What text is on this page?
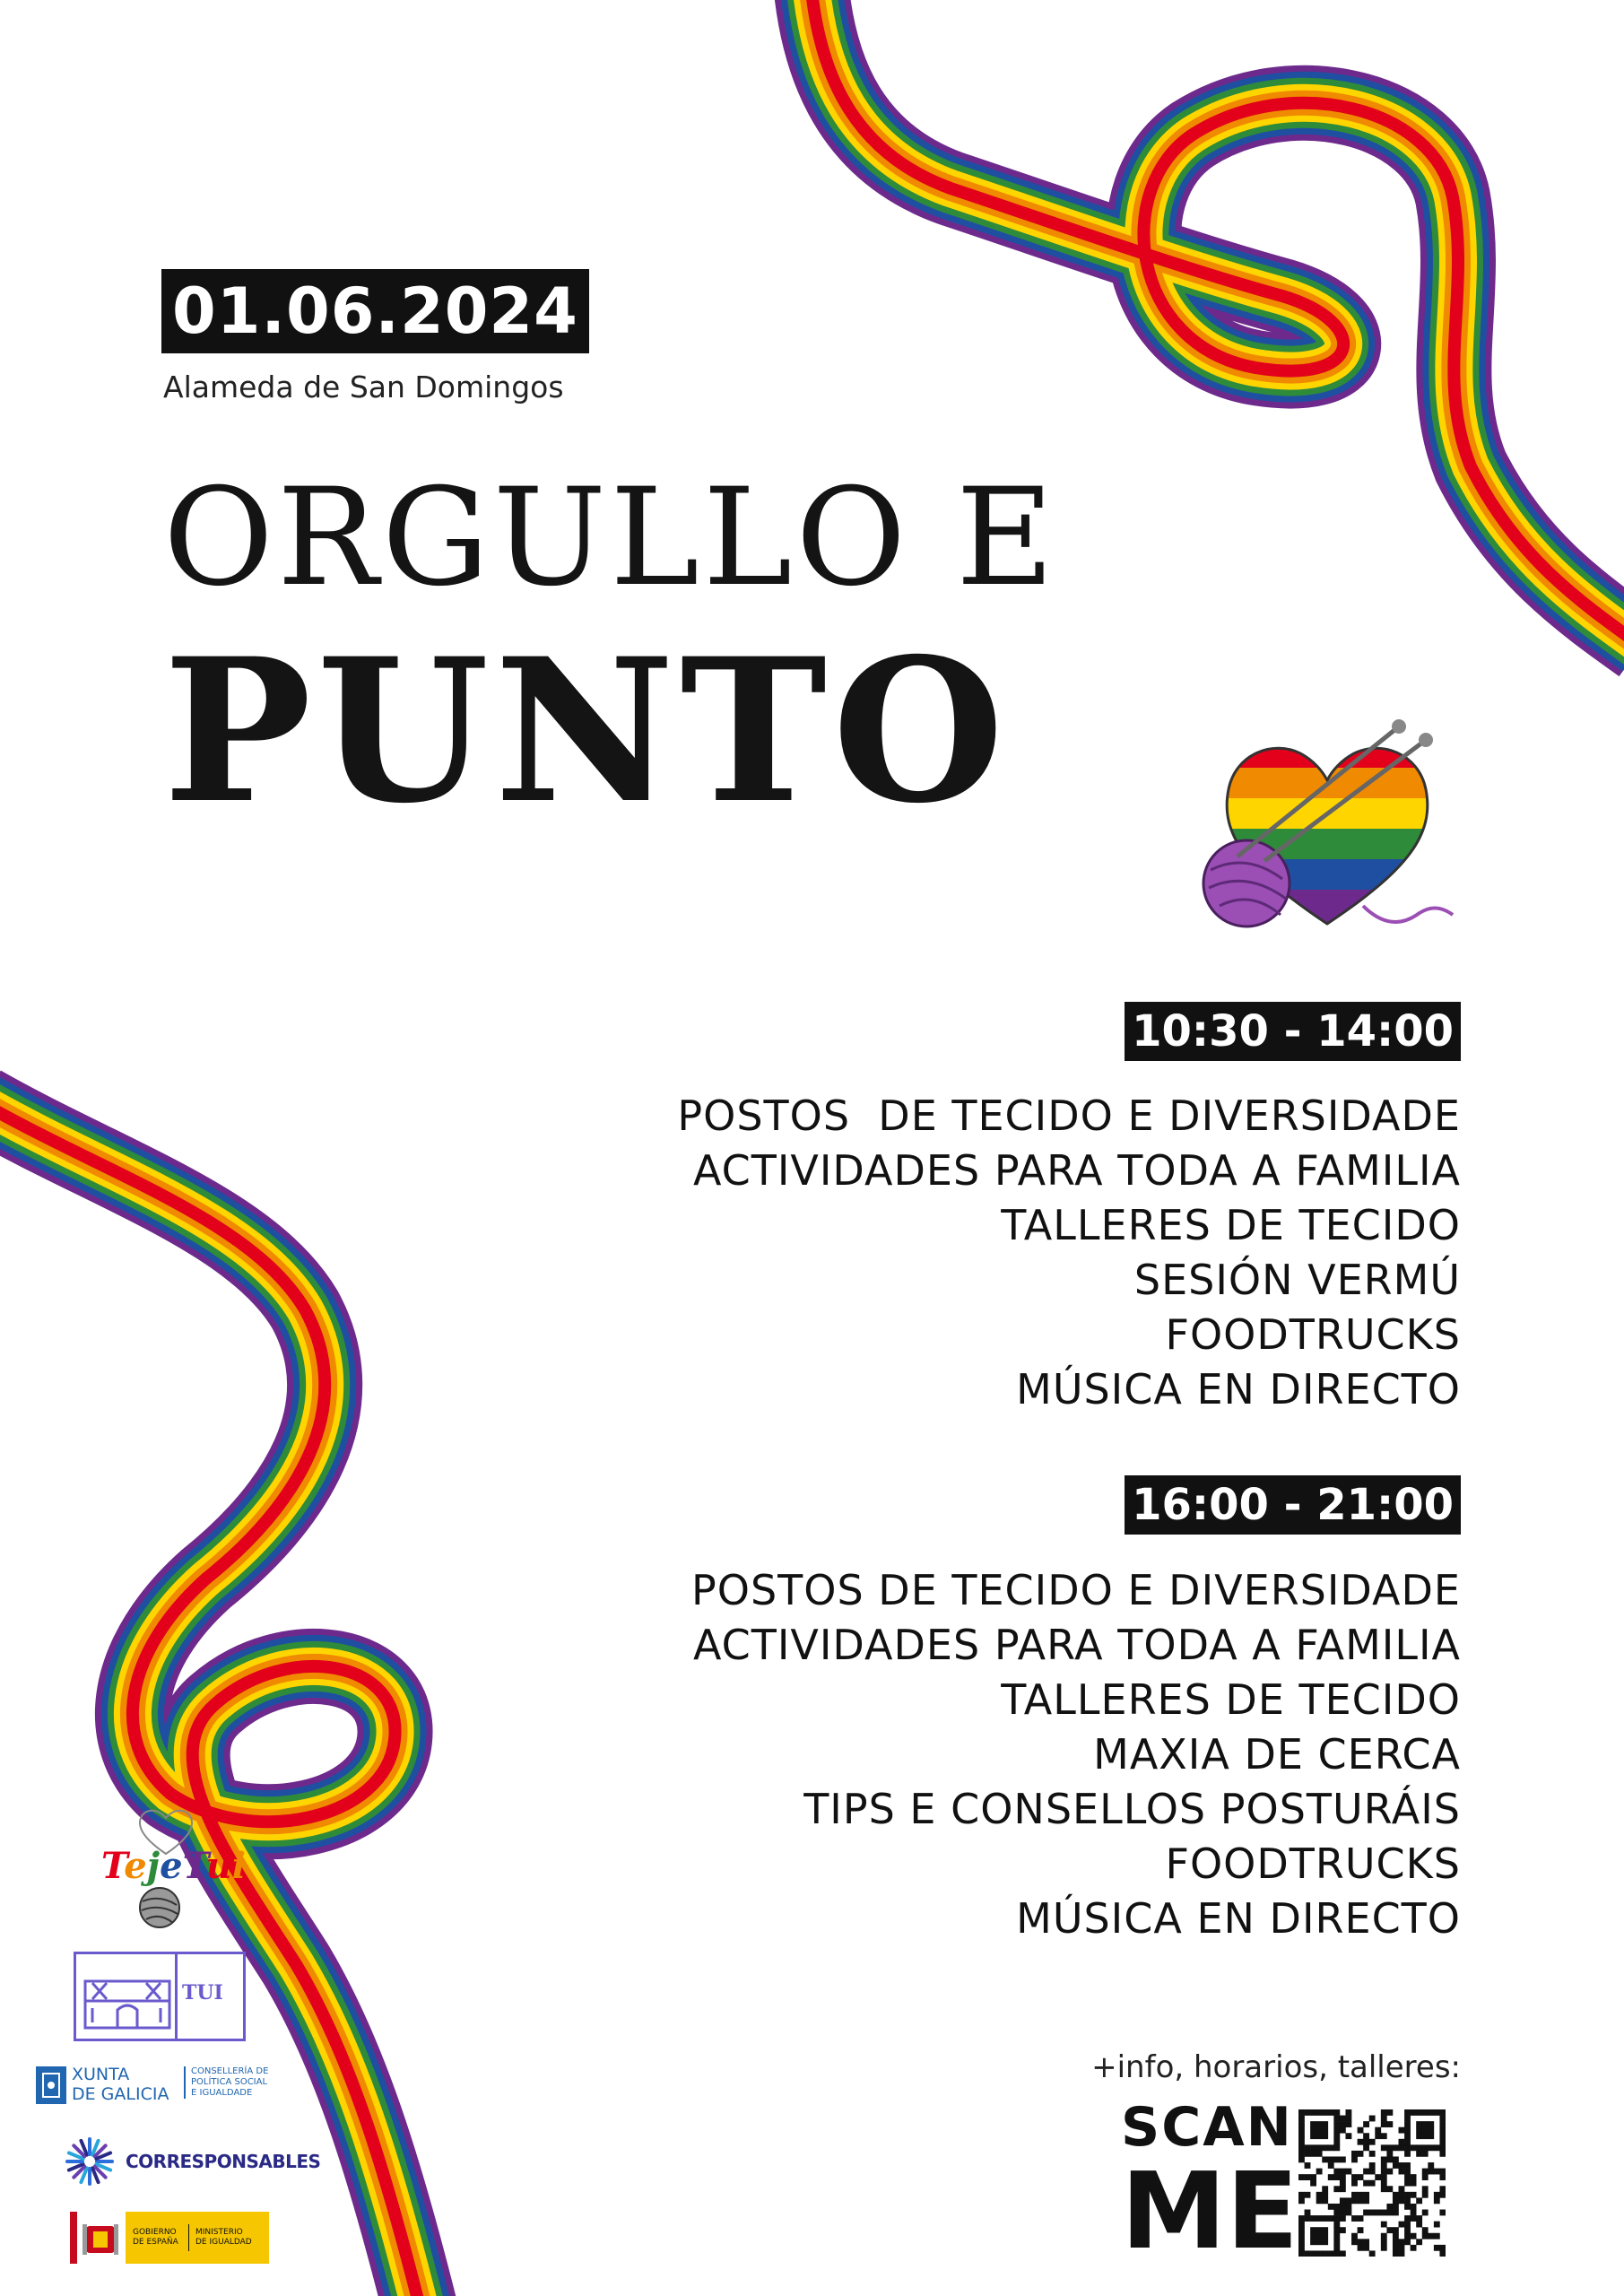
01.06.2024
Alameda de San Domingos
ORGULLO E
PUNTO
10:30 - 14:00
POSTOS  DE TECIDO E DIVERSIDADE
ACTIVIDADES PARA TODA A FAMILIA
TALLERES DE TECIDO
SESIÓN VERMÚ
FOODTRUCKS
MÚSICA EN DIRECTO
16:00 - 21:00
POSTOS DE TECIDO E DIVERSIDADE
ACTIVIDADES PARA TODA A FAMILIA
TALLERES DE TECIDO
MAXIA DE CERCA
TIPS E CONSELLOS POSTURÁIS
FOODTRUCKS
MÚSICA EN DIRECTO
+info, horarios, talleres:
SCAN
ME
TejeTui
TUI
XUNTA
DE GALICIA
CONSELLERÍA DE
POLÍTICA SOCIAL
E IGUALDADE
CORRESPONSABLES
GOBIERNO
DE ESPAÑA
MINISTERIO
DE IGUALDAD
